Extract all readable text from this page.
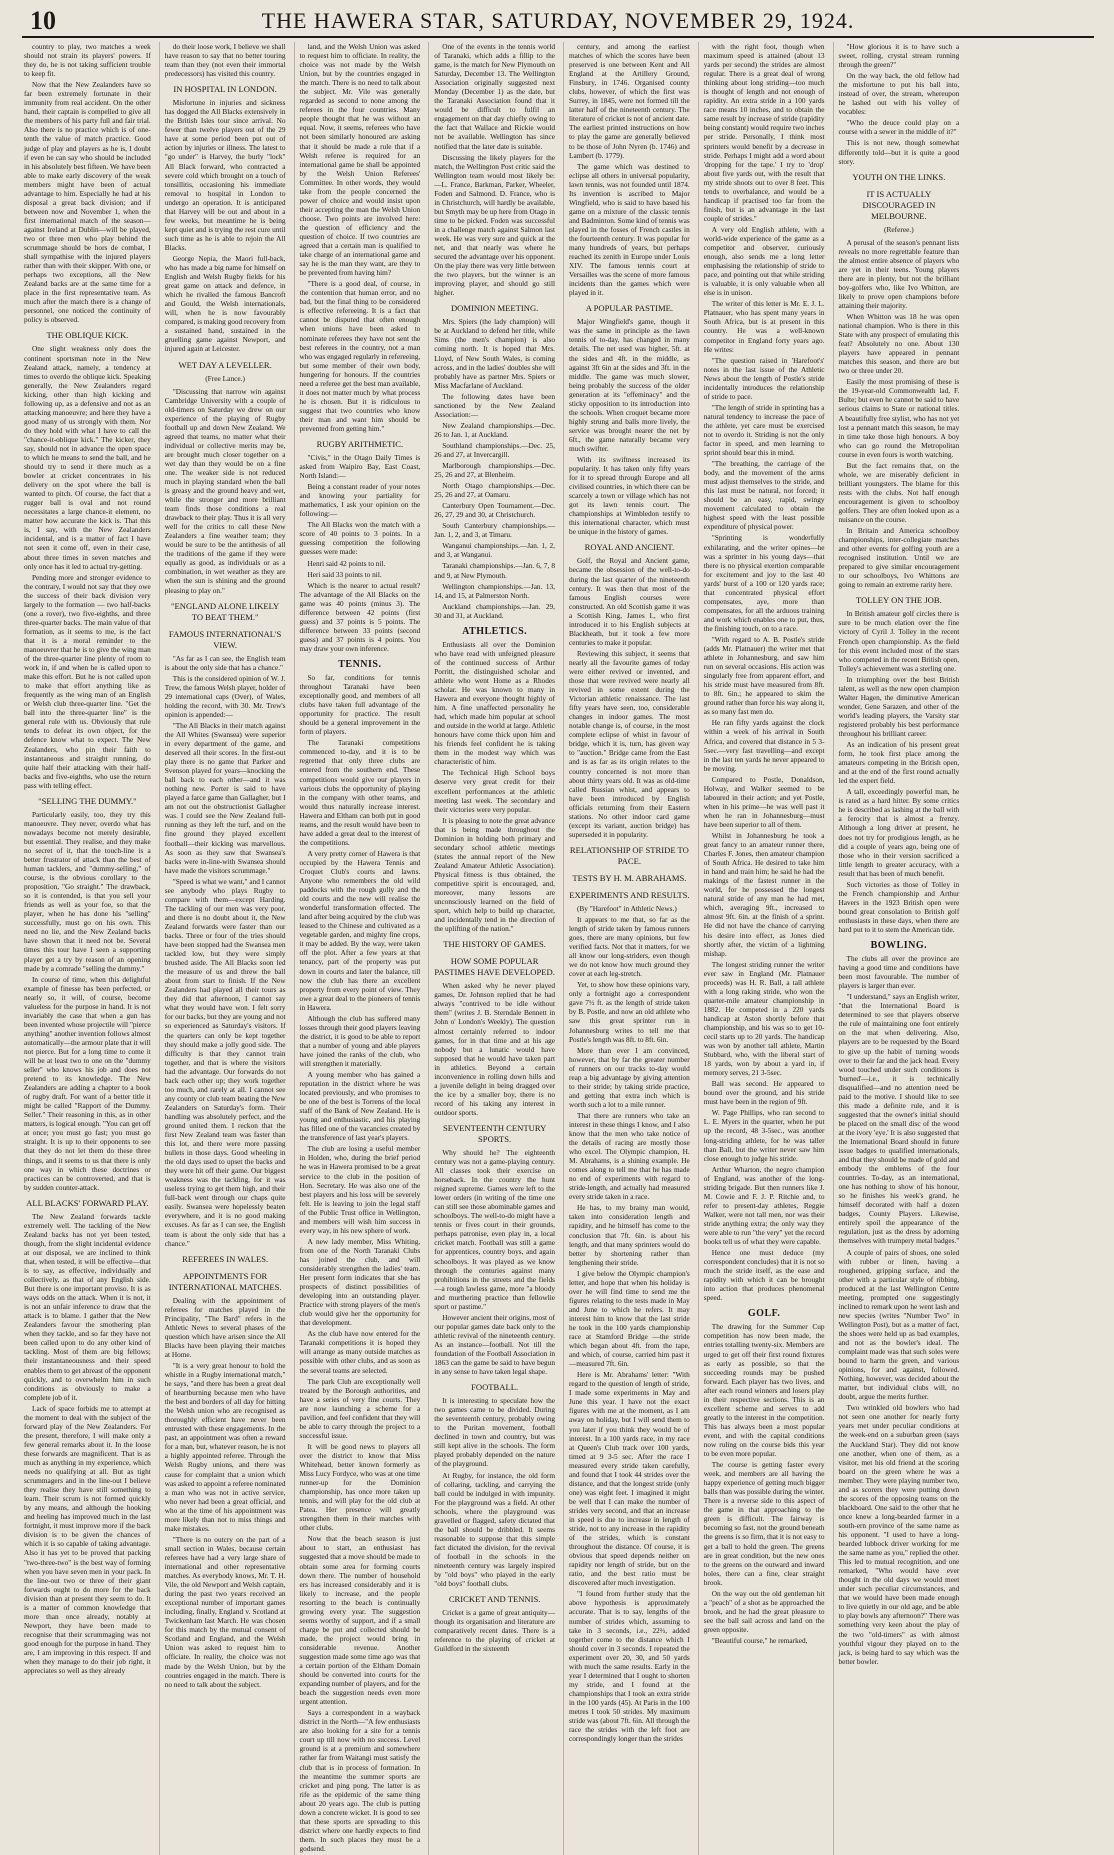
10	THE HAWERA STAR, SATURDAY, NOVEMBER 29, 1924.

country to play, two matches a week should not strain its players' powers. If they do, he is not taking sufficient trouble to keep fit.

Now that the New Zealanders have so far been extremely fortunate in their immunity from real accident. On the other hand, their captain is compelled to give all the members of his party full and fair trial. Also there is no practice which is of one-tenth the value of match practice. Good judge of play and players as he is, I doubt if even he can say who should be included in his absolutely best fifteen. We have been able to make early discovery of the weak members might have been of actual advantage to him. Especially he had at his disposal a great back division; and if between now and November 1, when the first international match of the season—against Ireland at Dublin—will be played, two or three men who play behind the scrummage should be hors de combat, I shall sympathise with the injured players rather than with their skipper. With one, or perhaps two exceptions, all the New Zealand backs are at the same time for a place in the first representative team. As much after the match there is a change of personnel, one noticed the continuity of policy is observed.

THE OBLIQUE KICK.

One slight weakness only does the continent sportsman note in the New Zealand attack, namely, a tendency at times to overdo the oblique kick. Speaking generally, the New Zealanders regard kicking, other than high kicking and following up, as a defensive and not as an attacking manoeuvre; and here they have a good many of us strongly with them. Nor do they hold with what I have to call the "chance-it-oblique kick." The kicker, they say, should not in advance the open space to which he means to send the ball, and he should try to send it there much as a bowler at cricket concentrates in his delivery on the spot where the ball is wanted to pitch. Of course, the fact that a rugger ball is oval and not round necessitates a large chance-it element, no matter how accurate the kick is. That this is, I say, with the New Zealanders incidental, and is a matter of fact I have not seen it come off, even in their case, about three times in seven matches and only once has it led to actual try-getting.

Pending more and stronger evidence to the contrary, I would not say that they owe the success of their back division very largely to the formation — two half-backs (one a rover), two five-eighths, and three three-quarter backs. The main value of that formation, as it seems to me, is the fact that it is a moral reminder to the manoeuvrer that he is to give the wing man of the three-quarter line plenty of room to work in, if and when he is called upon to make this effort. But he is not called upon to make that effort anything like as frequently as the wing man of an English or Welsh club three-quarter line. "Get the ball into the three-quarter line" is the general rule with us. Obviously that rule tends to defeat its own object, for the defence know what to expect. The New Zealanders, who pin their faith to instantaneous and straight running, do quite half their attacking with their half-backs and five-eighths, who use the return pass with telling effect.

"SELLING THE DUMMY."

Particularly easily, too, they try this manoeuvre. They never, overdo what has nowadays become not merely desirable, but essential. They realise, and they make no secret of it, that the touch-line is a better frustrator of attack than the best of human tacklers, and "dummy-selling," of course, is the obvious corollary to the proposition, "Go straight." The drawback, so it is contended, is that you sell your friends as well as your foe, so that the player, when he has done his "selling" successfully, must go on his own. This need no lie, and the New Zealand backs have shown that it need not be. Several times this tour have I seen a supporting player get a try by reason of an opening made by a comrade "selling the dummy."

In course of time, when this delightful example of finesse has been perfected, or nearly so, it will, of course, become valueless for the purpose in hand. It is not invariably the case that when a gun has been invented whose projectile will "pierce anything" another invention follows almost automatically—the armour plate that it will not pierce. But for a long time to come it will be at least two to one on the "dummy seller" who knows his job and does not pretend to its knowledge. The New Zealanders are adding a chapter to a book of rugby draft. For want of a better title it might be called "Rapport of the Dummy. Seller." Their reasoning in this, as in other matters, is logical enough. "You can get off at once; you must go fast; you must go straight. It is up to their opponents to see that they do not let them do these three things, and it seems to us that there is only one way in which these doctrines or practices can be controverted, and that is by sudden counter-attack.

ALL BLACKS' FORWARD PLAY.

The New Zealand forwards tackle extremely well. The tackling of the New Zealand backs has not yet been tested, though, from the slight incidental evidence at our disposal, we are inclined to think that, when tested, it will be effective—that is to say, as effective, individually and collectively, as that of any English side. But there is one important proviso. It is as ways odds on the attack. When it is not, it is not an unfair inference to draw that the attack is to blame. I gather that the New Zealanders favour the smothering plan when they tackle, and so far they have not been called upon to do any other kind of tackling. Most of them are big fellows; their instantaneousness and their speed enables them to get abreast of the opponent quickly, and to overwhelm him in such conditions as obviously to make a complete job of it.

Lack of space forbids me to attempt at the moment to deal with the subject of the forward play of the New Zealanders. For the present, therefore, I will make only a few general remarks about it. In the loose these forwards are magnificent. That is as much as anything in my experience, which needs no qualifying at all. But as tight scrummagers and in the line-out I believe they realise they have still something to learn. Their scrum is not formed quickly by any means, and although the hooking and heeling has improved much in the last fortnight, it must improve more if the back division is to be given the chances of which it is so capable of taking advantage. Also it has yet to be proved that packing "two-three-two" is the best way of forming when you have seven men in your pack. In the line-out two or three of their giant forwards ought to do more for the back division than at present they seem to do. It is a matter of common knowledge that more than once already, notably at Newport, they have been made to recognise that their scrummaging was not good enough for the purpose in hand. They are, I am improving in this respect. If and when they manage to do their job right, it appreciates so well as they already

do their loose work, I believe we shall have reason to say that no better touring team than they (not even their immortal predecessors) has visited this country.

IN HOSPITAL IN LONDON.

Misfortune in injuries and sickness has dogged the All Blacks extensively in the British Isles tour since arrival. No fewer than twelve players out of the 29 have at some period been put out of action by injuries or illness. The latest to "go under" is Harvey, the burly "lock" All Black forward, who contracted a severe cold which brought on a touch of tonsillitis, occasioning his immediate removal to hospital in London to undergo an operation. It is anticipated that Harvey will be out and about in a few weeks, but meantime he is being kept quiet and is trying the rest cure until such time as he is able to rejoin the All Blacks.

George Nepia, the Maori full-back, who has made a big name for himself on English and Welsh Rugby fields for his great game on attack and defence, in which he rivalled the famous Bancroft and Gould, the Welsh internationals, will, when he is now favourably compared, is making good recovery from a sustained hand, sustained in the gruelling game against Newport, and injured again at Leicester.

WET DAY A LEVELLER.
(Free Lance.)

"Discussing that narrow win against Cambridge University with a couple of old-timers on Saturday we drew on our experience of the playing of Rugby football up and down New Zealand. We agreed that teams, no matter what their individual or collective merits may be, are brought much closer together on a wet day than they would be on a fine one. The weaker side is not reduced much in playing standard when the ball is greasy and the ground heavy and wet, while the stronger and more brilliant team finds those conditions a real drawback to their play. Thus it is all very well for the critics to call these New Zealanders a fine weather team; they would be sure to be the antithesis of all the traditions of the game if they were equally as good, as individuals or as a combination, in wet weather as they are when the sun is shining and the ground pleasing to play on."

"ENGLAND ALONE LIKELY TO BEAT THEM."
FAMOUS INTERNATIONAL'S VIEW.

"As far as I can see, the English team is about the only side that has a chance."

This is the considered opinion of W. J. Trew, the famous Welsh player, holder of 29 international caps (Over), of Wales, holding the record, with 30. Mr. Trew's opinion is appended:—

"The All Blacks in their match against the All Whites (Swansea) were superior in every department of the game, and deserved all their scores. In the first-out play there is no game that Parker and Svenson played for years—knocking the ball back to each other—and it was nothing new. Porter is said to have played a farce game than Gallagher, but I am not out the obstructionist Gallagher was. I could see the New Zealand full-running as they left the turf, and on the fine ground they played excellent football—their kicking was marvellous. As soon as they saw that Swansea's backs were in-line-with Swansea should have made the visitors scrummage."

"Speed is what we want," and I cannot see anybody who plays Rugby to compare with them—except Harding. The tackling of our men was very poor, and there is no doubt about it, the New Zealand forwards were faster than our backs. Three or four of the tries should have been stopped had the Swansea men tackled low, but they were simply brushed aside. The All Blacks soon led the measure of us and threw the ball about from start to finish. If the New Zealanders had played all their tours as they did that afternoon, I cannot say what they would have won. I felt sorry for our backs, but they are young and not so experienced as Saturday's visitors. If the quarters can only be kept together they should make a jolly good side. The difficulty is that they cannot train together, and that is where the visitors had the advantage. Our forwards do not back each other up; they work together too much, and rarely at all. I cannot see any county or club team beating the New Zealanders on Saturday's form. Their handling was absolutely perfect, and the ground united them. I reckon that the first New Zealand team was faster than this lot, and there were more passing bullets in those days. Good wheeling in the old days used to upset the backs and they were hit off their game. Our biggest weakness was the tackling, for it was useless trying to get them high, and their full-back went through our chaps quite easily. Swansea were hopelessly beaten everywhere, and it is no good making excuses. As far as I can see, the English team is about the only side that has a chance."

REFEREES IN WALES.
APPOINTMENTS FOR INTERNATIONAL MATCHES.

Dealing with the appointment of referees for matches played in the Principality, "The Bard" refers in the Athletic News to several phases of the question which have arisen since the All Blacks have been playing their matches at Home.

"It is a very great honour to hold the whistle in a Rugby international match," he says, "and there has been a great deal of heartburning because men who have the best and borders of all day for hitting the Welsh union who are recognised as thoroughly efficient have never been entrusted with these engagements. In the past, an appointment was often a reward for a man, but, whatever reason, he is not a highly appointed referee. Through the Welsh Rugby unions, and there was cause for complaint that a union which was asked to appoint a referee nominated a man who was not in active service, who never had been a great official, and who at the time of his appointment was more likely than not to miss things and make mistakes.

"There is no outcry on the part of a small section in Wales, because certain referees have had a very large share of international and other representative matches. As everybody knows, Mr. T. H. Vile, the old Newport and Welsh captain, during the past two years received an exceptional number of important games including, finally, England v. Scotland at Twickenham last March. He was chosen for this match by the mutual consent of Scotland and England, and the Welsh Union was asked to request him to officiate. In reality, the choice was not made by the Welsh Union, but by the countries engaged in the match. There is no need to talk about the subject.

land, and the Welsh Union was asked to request him to officiate. In reality, the choice was not made by the Welsh Union, but by the countries engaged in the match. There is no need to talk about the subject. Mr. Vile was generally regarded as second to none among the referees in the four countries. Many people thought that he was without an equal. Now, it seems, referees who have not been similarly honoured are asking that it should be made a rule that if a Welsh referee is required for an international game he shall be appointed by the Welsh Union Referees' Committee. In other words, they would take from the people concerned the power of choice and would insist upon their accepting the man the Welsh Union choose. Two points are involved here: the question of efficiency and the question of choice. If two countries are agreed that a certain man is qualified to take charge of an international game and say he is the man they want, are they to be prevented from having him?

"There is a good deal, of course, in the contention that human error, and no bad, but the final thing to be considered is effective refereeing. It is a fact that cannot be disputed that often enough when unions have been asked to nominate referees they have not sent the best referees in the country, not a man who was engaged regularly in refereeing, but some member of their own body, hungering for honours. If the countries need a referee get the best man available, it does not matter much by what process he is chosen. But it is ridiculous to suggest that two countries who know their man and want him should be prevented from getting him."

RUGBY ARITHMETIC.

"Civis," in the Otago Daily Times is asked from Waipiro Bay, East Coast, North Island:—

Being a constant reader of your notes and knowing your partiality for mathematics, I ask your opinion on the following:—

The All Blacks won the match with a score of 40 points to 3 points. In a guessing competition the following guesses were made:

Henri said 42 points to nil.

Heri said 33 points to nil.

Which is the nearer to actual result? The advantage of the All Blacks on the game was 40 points (minus 3). The difference between 42 points (first guess) and 37 points is 5 points. The difference between 33 points (second guess) and 37 points is 4 points. You may draw your own inference.

TENNIS.

So far, conditions for tennis throughout Taranaki have been exceptionally good, and members of all clubs have taken full advantage of the opportunity for practice. The result should be a general improvement in the form of players.

The Taranaki competitions commenced to-day, and it is to be regretted that only three clubs are entered from the southern end. These competitions would give our players in various clubs the opportunity of playing in the company with other teams, and would thus naturally increase interest. Hawera and Eltham can both put in good teams, and the result would have been to have added a great deal to the interest of the competitions.

A very pretty corner of Hawera is that occupied by the Hawera Tennis and Croquet Club's courts and lawns. Anyone who remembers the old wild paddocks with the rough gully and the old courts and the new will realise the wonderful transformation effected. The land after being acquired by the club was leased to the Chinese and cultivated as a vegetable garden, and mighty fine crops, it may be added. By the way, were taken off the plot. After a few years at that tenancy, part of the property was put down in courts and later the balance, till now the club has there an excellent property from every point of view. They owe a great deal to the pioneers of tennis in Hawera.

Although the club has suffered many losses through their good players leaving the district, it is good to be able to report that a number of young and able players have joined the ranks of the club, who will strengthen it materially.

A young member who has gained a reputation in the district where he was located previously, and who promises to be one of the best is Torrens of the local staff of the Bank of New Zealand. He is young and enthusiastic, and his playing has filled one of the vacancies created by the transference of last year's players.

The club are losing a useful member in Holden, who, during the brief period he was in Hawera promised to be a great service to the club in the position of Hon. Secretary. He was also one of the best players and his loss will be severely felt. He is leaving to join the legal staff of the Public Trust office in Wellington, and members will wish him success in every way, in his new sphere of work.

A new lady member, Miss Whiting, from one of the North Taranaki Clubs has joined the club, and will considerably strengthen the ladies' team. Her present form indicates that she has prospects of distinct possibilities of developing into an outstanding player. Practice with strong players of the men's club would give her the opportunity for that development.

As the club have now entered for the Taranaki competitions it is hoped they will arrange as many outside matches as possible with other clubs, and as soon as the several teams are selected.

The park Club are exceptionally well treated by the Borough authorities, and have a series of very fine courts. They are now launching a scheme for a pavilion, and feel confident that they will be able to carry through the project to a successful issue.

It will be good news to players all over the district to know that Miss Whitehead, better known formerly as Miss Lucy Fordyce, who was at one time runner-up for the Dominion championship, has once more taken up tennis, and will play for the old club at Patea. Her presence will greatly strengthen them in their matches with other clubs.

Now that the beach season is just about to start, an enthusiast has suggested that a move should be made to obtain some area for forming courts down there. The number of household ers has increased considerably and it is likely to increase, and the people resorting to the beach is continually growing every year. The suggestion seems worthy of support, and if a small charge be put and collected should be made, the project would bring in considerable revenue. Another suggestion made some time ago was that a certain portion of the Eltham Domain should be converted into courts for the expanding number of players, and for the beach the suggestion needs even more urgent attention.

Says a correspondent in a wayback district in the North—"A few enthusiasts are also looking for a site for a tennis court up till now with no success. Level ground is at a premium and somewhere rather far from Waitangi must satisfy the club that is in process of formation. In the meantime the summer sports are cricket and ping pong. The latter is as rife as the epidemic of the same thing about 20 years ago. The club is putting down a concrete wicket. It is good to see that these sports are spreading to this district where one hardly expects to find them. In such places they must be a godsend.

One of the events in the tennis world of Taranaki, which adds a fillip to the game, is the match for New Plymouth on Saturday, December 13. The Wellington Association originally suggested next Monday (December 1) as the date, but the Taranaki Association found that it would be difficult to fulfil an engagement on that day chiefly owing to the fact that Wallace and Rickie would not be available. Wellington has since notified that the later date is suitable.

Discussing the likely players for the match, the Wellington Post critic said the Wellington team would most likely be:—L. France, Barkman, Parker, Wheeler, Foden and Salmond. D. France, who is in Christchurch, will hardly be available, but Smyth may be up here from Otago in time to be picked. Foden was successful in a challenge match against Salmon last week. He was very sure and quick at the net, and that nearly was where he secured the advantage over his opponent. On the play there was very little between the two players, but the winner is an improving player, and should go still higher.

DOMINION MEETING.

Mrs. Spiers (the lady champion) will be at Auckland to defend her title, while Sims (the men's champion) is also coming north. It is hoped that Mrs. Lloyd, of New South Wales, is coming across, and in the ladies' doubles she will probably have as partner Mrs. Spiers or Miss Macfarlane of Auckland.

The following dates have been sanctioned by the New Zealand Association:—

New Zealand championships.—Dec. 26 to Jan. 1, at Auckland.

Southland championships.—Dec. 25, 26 and 27, at Invercargill.

Marlborough championships.—Dec. 25, 26 and 27, at Blenheim.

North Otago championships.—Dec. 25, 26 and 27, at Oamaru.

Canterbury Open Tournament.—Dec. 26, 27, 29 and 30, at Christchurch.

South Canterbury championships.—Jan. 1, 2, and 3, at Timaru.

Wanganui championships.—Jan. 1, 2, and 3, at Wanganui.

Taranaki championships.—Jan. 6, 7, 8 and 9, at New Plymouth.

Wellington championships.—Jan. 13, 14, and 15, at Palmerston North.

Auckland championships.—Jan. 29, 30 and 31, at Auckland.

ATHLETICS.

Enthusiasts all over the Dominion who have read with unfeigned pleasure of the continued success of Arthur Porritt, the distinguished scholar and athlete who went Home as a Rhodes scholar. He was known to many in Hawera and everyone thought highly of him. A fine unaffected personality he had, which made him popular at school and outside in the world at large. Athletic honours have come thick upon him and his friends feel confident he is taking them in the modest way which was characteristic of him.

The Technical High School boys deserve very great credit for their excellent performances at the athletic meeting last week. The secondary and their victories were very popular.

It is pleasing to note the great advance that is being made throughout the Dominion in holding both primary and secondary school athletic meetings (states the annual report of the New Zealand Amateur Athletic Association). Physical fitness is thus obtained, the competitive spirit is encouraged, and, moreover, many lessons are unconsciously learned on the field of sport, which help to build up character, and incidentally tend in the direction of the uplifting of the nation."

THE HISTORY OF GAMES.
HOW SOME POPULAR PASTIMES HAVE DEVELOPED.

When asked why he never played games, Dr. Johnson replied that he had always "contrived to be idle without them" (writes J. B. Sterndale Bennett in John o' London's Weekly). The question almost certainly referred to indoor games, for in that time and at his age nobody but a lunatic would have supposed that he would have taken part in athletics. Beyond a certain inconvenience in rolling down hills and a juvenile delight in being dragged over the ice by a smaller boy, there is no record of his taking any interest in outdoor sports.

SEVENTEENTH CENTURY SPORTS.

Why should he? The eighteenth century was not a game-playing century. All classes took their exercise on horseback. In the country the hunt reigned supreme. Games were left to the lower orders (in writing of the time one can still see those abominable games and schoolboys. The well-to-do might have a tennis or fives court in their grounds, perhaps patronise, even play in, a local cricket match. Football was still a game for apprentices, country boys, and again schoolboys. It was played as we know through the centuries against many prohibitions in the streets and the fields—a rough lawless game, more "a bloody and murthering practice than fellowlie sport or pastime."

However ancient their origins, most of our popular games date back only to the athletic revival of the nineteenth century. As an instance—football. Not till the foundation of the Football Association in 1863 can the game be said to have begun in any sense to have taken legal shape.

FOOTBALL.

It is interesting to speculate how the two games came to be divided. During the seventeenth century, probably owing to the Puritan movement, football declined in town and country, but was still kept alive in the schools. The form played probably depended on the nature of the playground.

At Rugby, for instance, the old form of collaring, tackling, and carrying the ball could be indulged in with impunity. For the playground was a field. At other schools, where the playground was gravelled or flagged, safety dictated that the ball should be dribbled. It seems reasonable to suppose that this simple fact dictated the division, for the revival of football in the schools in the nineteenth century was largely inspired by "old boys" who played in the early "old boys" football clubs.

CRICKET AND TENNIS.

Cricket is a game of great antiquity—though its organisation and literature are comparatively recent dates. There is a reference to the playing of cricket at Guildford in the sixteenth

century, and among the earliest matches of which the scores have been preserved is one between Kent and All England at the Artillery Ground, Finsbury, in 1746. Organised county clubs, however, of which the first was Surrey, in 1845, were not formed till the latter half of the nineteenth century. The literature of cricket is not of ancient date. The earliest printed instructions on how to play the game are generally believed to be those of John Nyren (b. 1746) and Lambert (b. 1779).

The game which was destined to eclipse all others in universal popularity, lawn tennis, was not founded until 1874. Its invention is ascribed to Major Wingfield, who is said to have based his game on a mixture of the classic tennis and Badminton. Some kind of tennis was played in the fosses of French castles in the fourteenth century. It was popular for many hundreds of years, but perhaps reached its zenith in Europe under Louis XIV. The famous tennis court at Versailles was the scene of more famous incidents than the games which were played in it.

A POPULAR PASTIME.

Major Wingfield's game, though it was the same in principle as the lawn tennis of to-day, has changed in many details. The net used was higher, 5ft. at the sides and 4ft. in the middle, as against 3ft 6in at the sides and 3ft. in the middle. The game was much slower, being probably the success of the older generation at its "effeminacy" and the sticky opposition to its introduction into the schools. When croquet became more highly strung and balls more lively, the service was brought nearer the net by 6ft., the game naturally became very much swifter.

With its swiftness increased its popularity. It has taken only fifty years for it to spread through Europe and all civilised countries, in which there can be scarcely a town or village which has not got its lawn tennis court. The championships at Wimbledon testify to this international character, which must be unique in the history of games.

ROYAL AND ANCIENT.

Golf, the Royal and Ancient game, became the obsession of the well-to-do during the last quarter of the nineteenth century. It was then that most of the famous English courses were constructed. An old Scottish game it was a Scottish King, James I., who first introduced it to his English subjects at Blackheath, but it took a few more centuries to make it popular.

Reviewing this subject, it seems that nearly all the favourite games of today were either revived or invented, and those that were revived were nearly all revived in some extent during the Victorian athletic renaissance. The last fifty years have seen, too, considerable changes in indoor games. The most notable change is, of course, in the most complete eclipse of whist in favour of bridge, which it is, turn, has given way to "auction." Bridge came from the East and is as far as its origin relates to the country concerned is not more than about thirty years old. It was as old-time called Russian whist, and appears to have been introduced by English officials returning from their Eastern stations. No other indoor card game (except its variant, auction bridge) has superseded it in popularity.

RELATIONSHIP OF STRIDE TO PACE.
TESTS BY H. M. ABRAHAMS.
EXPERIMENTS AND RESULTS.

(By "Harefoot" in Athletic News.)

It appears to me that, so far as the length of stride taken by famous runners goes, there are many opinions, but few verified facts. Not that it matters, for we all know our long-striders, even though we do not know how much ground they cover at each leg-stretch.

Yet, to show how these opinions vary, only a fortnight ago a correspondent gave 7½ ft. as the length of stride taken by B. Postle, and now an old athlete who saw this great sprinter run in Johannesburg writes to tell me that Postle's length was 8ft. to 8ft. 6in.

More than ever I am convinced, however, that by far the greater number of runners on our tracks to-day would reap a big advantage by giving attention to their stride; by taking stride practice, and getting that extra inch which is worth such a lot to a mile runner.

That there are runners who take an interest in these things I know, and I also know that the men who take notice of the details of racing are mostly those who excel. The Olympic champion, H. M. Abrahams, is a shining example. He comes along to tell me that he has made no end of experiments with regard to stride-length, and actually had measured every stride taken in a race.

He has, to my brainy man would, taken into consideration length and rapidity, and he himself has come to the conclusion that 7ft. 6in. is about his length, and that many sprinters would do better by shortening rather than lengthening their stride.

I give below the Olympic champion's letter, and hope that when his holiday is over he will find time to send me the figures relating to the tests made in May and June to which he refers. It may interest him to know that the last stride he took in the 100 yards championship race at Stamford Bridge —the stride which began about 4ft. from the tape, and which, of course, carried him past it—measured 7ft. 6in.

Here is Mr. Abrahams' letter: "With regard to the question of length of stride, I made some experiments in May and June this year. I have not the exact figures with me at the moment, as I am away on holiday, but I will send them to you later if you think they would be of interest. In a 100 yards race, in my race at Queen's Club track over 100 yards, timed at 9 3-5 sec. After the race I measured every stride taken carefully, and found that I took 44 strides over the distance, and that the longest stride (only one) was eight feet. I imagined it might be well that I can make the number of strides very second, and that an increase in speed is due to increase in length of stride, not to any increase in the rapidity of the strides, which is constant throughout the distance. Of course, it is obvious that speed depends neither on rapidity nor length of stride, but on the ratio, and the best ratio must be discovered after much investigation.

"I found from further study that the above hypothesis is approximately accurate. That is to say, lengths of the number of strides which, assuming to take in 3 seconds, i.e., 22⅔, added together come to the distance which I should cover in 3 seconds. I repeated the experiment over 20, 30, and 50 yards with much the same results. Early in the year I determined that I ought to shorten my stride, and I found at the championships that I took an extra stride in the 100 yards (45). At Paris in the 100 metres I took 50 strides. My maximum stride was (about 7ft. 6in. All through the race the strides with the left foot are correspondingly longer than the strides

with the right foot, though when maximum speed is attained (about 13 yards per second) the strides are almost regular. There is a great deal of wrong thinking about long striding—too much is thought of length and not enough of rapidity. An extra stride in a 100 yards race means 10 inches, and to obtain the same result by increase of stride (rapidity being constant) would require two inches per stride. Personally, I think most sprinters would benefit by a decrease in stride. Perhaps I might add a word about 'dropping for the tape.' I try to 'drop' about five yards out, with the result that my stride shoots out to over 8 feet. This tends to overbalance, and would be a handicap if practised too far from the finish, but is an advantage in the last couple of strides."

A very old English athlete, with a world-wide experience of the game as a competitor and observer, curiously enough, also sends me a long letter emphasising the relationship of stride to pace, and pointing out that while striding is valuable, it is only valuable when all else is in unison.

The writer of this letter is Mr. E. J. L. Platnauer, who has spent many years in South Africa, but is at present in this country. He was a well-known competitor in England forty years ago. He writes:

"The question raised in 'Harefoot's' notes in the last issue of the Athletic News about the length of Postle's stride incidentally introduces the relationship of stride to pace.

"The length of stride in sprinting has a natural tendency to increase the pace of the athlete, yet care must be exercised not to overdo it. Striding is not the only factor in speed, and men learning to sprint should bear this in mind.

"The breathing, the carriage of the body, and the movement of the arms must adjust themselves to the stride, and this last must be natural, not forced; it should be an easy, rapid, swingy movement calculated to obtain the highest speed with the least possible expenditure of physical power.

"Sprinting is wonderfully exhilarating, and the writer opines—he was a sprinter in his young days—that there is no physical exertion comparable for excitement and joy to the last 40 yards' burst of a 100 or 120 yards race; that concentrated physical effort compensates, aye, more than compensates, for all the arduous training and work which enables one to put, thus, the finishing touch, on to a race.

"With regard to A. B. Postle's stride (adds Mr. Platnauer) the writer met that athlete in Johannesburg, and saw him run on several occasions. His action was singularly free from apparent effort, and his stride must have measured from 8ft. to 8ft. 6in.; he appeared to skim the ground rather than force his way along it, as so many fast men do.

He ran fifty yards against the clock within a week of his arrival in South Africa, and covered that distance in 5 3-5sec.—very fast travelling—and except in the last ten yards he never appeared to be moving.

Compared to Postle, Donaldson, Holway, and Walker seemed to be laboured in their action; and yet Postle, when in his prime—he was well past it when he ran in Johannesburg—must have been superior to all of them.

Whilst in Johannesburg he took a great fancy to an amateur runner there, Charles F. Jones, then amateur champion of South Africa. He desired to take him in hand and train him; he said he had the makings of the fastest runner in the world, for he possessed the longest natural stride of any man he had met, which, averaging 9ft., increased to almost 9ft. 6in. at the finish of a sprint. He did not have the chance of carrying his desire into effect, as Jones died shortly after, the victim of a lightning mishap.

The longest striding runner the writer ever saw in England (Mr. Platnauer proceeds) was H. R. Ball, a tall athlete with a long raking stride, who won the quarter-mile amateur championship in 1882. He competed in a 220 yards handicap at Aston shortly before that championship, and his was so to get 10-cecil starts up to 20 yards. The handicap was won by another tall athlete, Martin Stubbard, who, with the liberal start of 18 yards, won by about a yard in, if memory serves, 21 3-5sec.

Ball was second. He appeared to bound over the ground, and his stride must have been in the region of 9ft.

W. Page Phillips, who ran second to L. E. Myers in the quarter, when he put up the record, 48 3-5sec., was another long-striding athlete, for he was taller than Ball, but the writer never saw him close enough to judge his stride.

Arthur Wharton, the negro champion of England, was another of the long-striding brigade. But then runners like J. M. Cowie and F. J. P. Ritchie and, to refer to present-day athletes, Reggie Walker, were not tall men, nor was their stride anything extra; the only way they were able to run "the very" yet the record books tell us of what they were capable.

Hence one must deduce (my correspondent concludes) that it is not so much the stride itself, as the ease and rapidity with which it can be brought into action that produces phenomenal speed.

GOLF.

The drawing for the Summer Cup competition has now been made, the entries totalling twenty-six. Members are urged to get off their first round fixtures as early as possible, so that the succeeding rounds may be pushed forward. Each player has two lives, and after each round winners and losers play in their respective sections. This is an excellent scheme and serves to add greatly to the interest in the competition. This has always been a most popular event, and with the capital conditions now ruling on the course bids this year to be even more popular.

The course is getting faster every week, and members are all having the happy experience of getting much bigger balls than was possible during the winter. There is a reverse side to this aspect of the game in that approaching to the green is difficult. The fairway is becoming so fast, not the ground beneath the greens is so firm, that it is not easy to get a ball to hold the green. The greens are in great condition, but the new ones to the greens on the outward and inward holes, there can a fine, clear straight brook.

On the way out the old gentleman hit a "peach" of a shot as he approached the brook, and he had the great pleasure to see the ball sail across and land on the green opposite.

"Beautiful course," he remarked,

"How glorious it is to have such a sweet, rolling, crystal stream running through the green?"

On the way back, the old fellow had the misfortune to put his ball into, instead of over, the stream, whereupon he lashed out with his volley of vocables:

"Who the deuce could play on a course with a sewer in the middle of it?"

This is not new, though somewhat differently told—but it is quite a good story.

YOUTH ON THE LINKS.
IT IS ACTUALLY DISCOURAGED IN MELBOURNE.
(Referee.)

A perusal of the season's pennant lists reveals no more regrettable feature than the almost entire absence of players who are yet in their teens. Young players there are in plenty, but not the brilliant boy-golfers who, like Ivo Whitton, are likely to prove open champions before attaining their majority.

When Whitton was 18 he was open national champion. Who is there in this State with any prospect of emulating this feat? Absolutely no one. About 130 players have appeared in pennant matches this season, and there are but two or three under 20.

Easily the most promising of these is the 19-year-old Commonwealth lad, F. Bulte; but even he cannot be said to have serious claims to State or national titles. A beautifully free stylist, who has not yet lost a pennant match this season, he may in time take those high honours. A boy who can go round the Metropolitan course in even fours is worth watching.

But the fact remains that, on the whole, we are miserably deficient in brilliant youngsters. The blame for this rests with the clubs. Not half enough encouragement is given to schoolboy golfers. They are often looked upon as a nuisance on the course.

In Britain and America schoolboy championships, inter-collegiate matches and other events for golfing youth are a recognised institution. Until we are prepared to give similar encouragement to our schoolboys, Ivo Whittons are going to remain an extreme rarity here.

TOLLEY ON THE JOB.

In British amateur golf circles there is sure to be much elation over the fine victory of Cyril J. Tolley in the recent French open championship. As the field for this event included most of the stars who competed in the recent British open, Tolley's achievement was a sterling one.

In triumphing over the best British talent, as well as the new open champion Walter Hagen, the diminutive American wonder, Gene Sarazen, and other of the world's leading players, the Varsity star registered probably his best performance throughout his brilliant career.

As an indication of his present great form, he took first place among the amateurs competing in the British open, and at the end of the first round actually led the expert field.

A tall, exceedingly powerful man, he is rated as a hard hitter. By some critics he is described as lashing at the ball with a ferocity that is almost a frenzy. Although a long driver at present, he does not try for prodigious length, as he did a couple of years ago, being one of those who in their version sacrificed a little length to greater accuracy, with a result that has been of much benefit.

Such victories as those of Tolley in the French championship and Arthur Havers in the 1923 British open were bound great consolation to British golf enthusiasts in these days, when there are hard put to it to stem the American tide.

BOWLING.

The clubs all over the province are having a good time and conditions have been most favourable. The number of players is larger than ever.

"I understand," says an English writer, "that the International Board is determined to see that players observe the rule of maintaining one foot entirely on the mat when delivering. Also, players are to be requested by the Board to give up the habit of turning woods over to their far and the jack head. Every wood touched under such conditions is 'burned'—i.e., it is technically disqualified—and no attention need be paid to the motive. I should like to see this made a definite rule, and it is suggested that the owner's initial should be placed on the small disc of the wood at the ivory 'eye.' It is also suggested that the International Board should in future issue badges to qualified internationals, and that they should be made of gold and embody the emblems of the four countries. To-day, as an international, one has nothing to show of his honour, so he finishes his week's grand, he himself decorated with half a dozen badges, County Players. Likewise, entirely spoil the appearance of the regulation, just as the dress by adorning themselves with trumpery metal badges."

A couple of pairs of shoes, one soled with rubber or linen, having a roughened, gripping surface, and the other with a particular style of ribbing, produced at the last Wellington Centre meeting, prompted one suggestingly inclined to remark upon he went lash and new species (writes "Number Two" in Wellington Post), but as a matter of fact, the shoes were held up as bad examples, and not as the bowler's ideal. The complaint made was that such soles were bound to harm the green, and various opinions, for and against, followed. Nothing, however, was decided about the matter, but individual clubs will, no doubt, argue the merits further.

Two wrinkled old bowlers who had not seen one another for nearly forty years met under peculiar conditions at the week-end on a suburban green (says the Auckland Star). They did not know one another, when one of them, as a visitor, met his old friend at the scoring board on the green where he was a member. They were playing number two, and as scorers they were putting down the scores of the opposing teams on the blackboard. One said to the other that he once knew a long-bearded farmer in a south-ern province of the same name as his opponent. "I used to have a long-bearded lubbock driver working for me the same name as you," replied the other. This led to mutual recognition, and one remarked, "Who would have ever thought in the old days we would meet under such peculiar circumstances, and that we would have been made enough to live quietly in our old age, and be able to play bowls any afternoon?" There was something very keen about the play of the two "old-timers" as with almost youthful vigour they played on to the jack, is being hard to say which was the better bowler.
